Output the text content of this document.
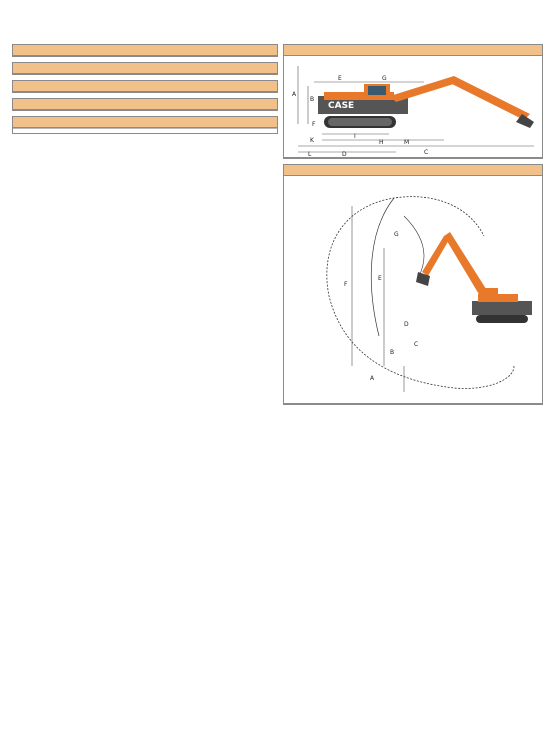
CASE
E
A
B
F
I
H
D	C
K
L
M
G
G
E
F
D
C
B
A
